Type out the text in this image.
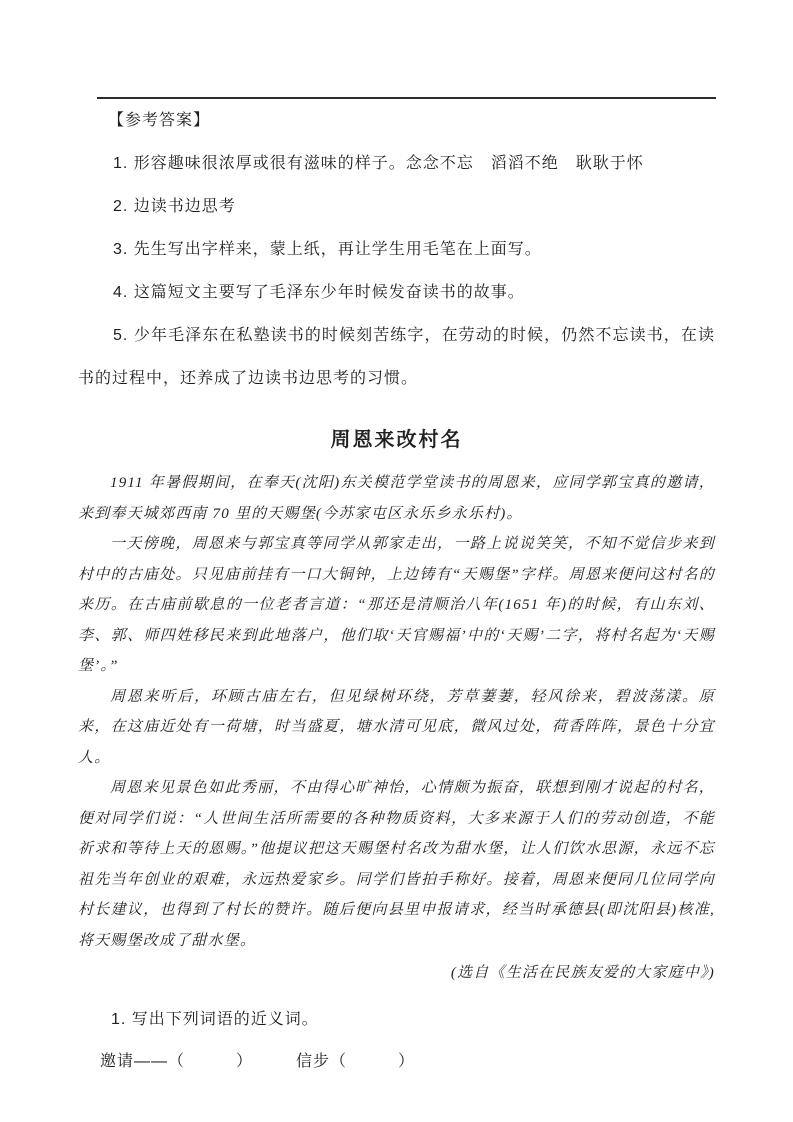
【参考答案】

1. 形容趣味很浓厚或很有滋味的样子。念念不忘　滔滔不绝　耿耿于怀

2. 边读书边思考

3. 先生写出字样来，蒙上纸，再让学生用毛笔在上面写。

4. 这篇短文主要写了毛泽东少年时候发奋读书的故事。

5. 少年毛泽东在私塾读书的时候刻苦练字，在劳动的时候，仍然不忘读书，在读书的过程中，还养成了边读书边思考的习惯。

周恩来改村名

1911 年暑假期间，在奉天(沈阳)东关模范学堂读书的周恩来，应同学郭宝真的邀请，来到奉天城郊西南 70 里的天赐堡(今苏家屯区永乐乡永乐村)。

一天傍晚，周恩来与郭宝真等同学从郭家走出，一路上说说笑笑，不知不觉信步来到村中的古庙处。只见庙前挂有一口大铜钟，上边铸有“天赐堡”字样。周恩来便问这村名的来历。在古庙前歇息的一位老者言道：“那还是清顺治八年(1651 年)的时候，有山东刘、李、郭、师四姓移民来到此地落户，他们取‘天官赐福’中的‘天赐’二字，将村名起为‘天赐堡’。”

周恩来听后，环顾古庙左右，但见绿树环绕，芳草萋萋，轻风徐来，碧波荡漾。原来，在这庙近处有一荷塘，时当盛夏，塘水清可见底，微风过处，荷香阵阵，景色十分宜人。

周恩来见景色如此秀丽，不由得心旷神怡，心情颇为振奋，联想到刚才说起的村名，便对同学们说：“人世间生活所需要的各种物质资料，大多来源于人们的劳动创造，不能祈求和等待上天的恩赐。”他提议把这天赐堡村名改为甜水堡，让人们饮水思源，永远不忘祖先当年创业的艰难，永远热爱家乡。同学们皆拍手称好。接着，周恩来便同几位同学向村长建议，也得到了村长的赞许。随后便向县里申报请求，经当时承德县(即沈阳县)核准,将天赐堡改成了甜水堡。

(选自《生活在民族友爱的大家庭中》)

1. 写出下列词语的近义词。

邀请——（　　　）　　　信步（　　　）
